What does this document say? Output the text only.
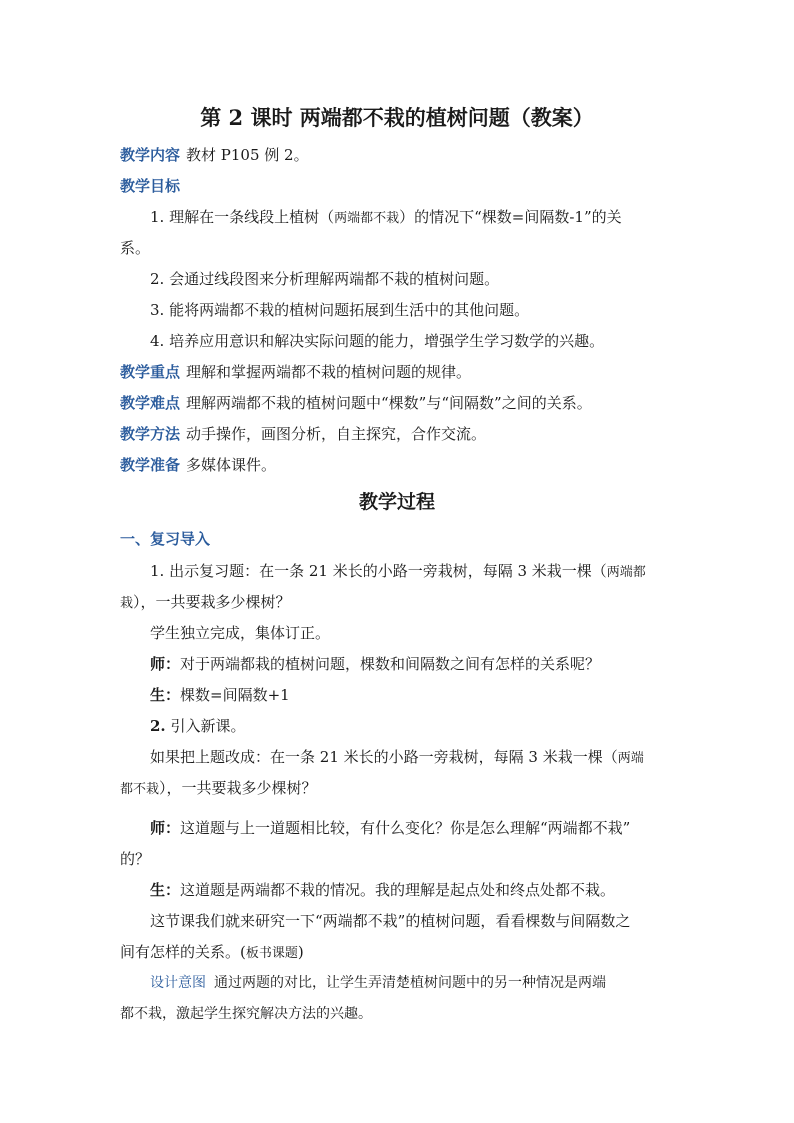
第 2 课时 两端都不栽的植树问题（教案）
教学内容 教材 P105 例 2。
教学目标
1. 理解在一条线段上植树（两端都不栽）的情况下“棵数=间隔数-1”的关
系。
2. 会通过线段图来分析理解两端都不栽的植树问题。
3. 能将两端都不栽的植树问题拓展到生活中的其他问题。
4. 培养应用意识和解决实际问题的能力，增强学生学习数学的兴趣。
教学重点 理解和掌握两端都不栽的植树问题的规律。
教学难点 理解两端都不栽的植树问题中“棵数”与“间隔数”之间的关系。
教学方法 动手操作，画图分析，自主探究，合作交流。
教学准备 多媒体课件。
教学过程
一、复习导入
1. 出示复习题：在一条 21 米长的小路一旁栽树，每隔 3 米栽一棵（两端都
栽），一共要栽多少棵树？
学生独立完成，集体订正。
师：对于两端都栽的植树问题，棵数和间隔数之间有怎样的关系呢？
生：棵数=间隔数+1
2. 引入新课。
如果把上题改成：在一条 21 米长的小路一旁栽树，每隔 3 米栽一棵（两端
都不栽），一共要栽多少棵树？
师：这道题与上一道题相比较，有什么变化？你是怎么理解“两端都不栽”
的？
生：这道题是两端都不栽的情况。我的理解是起点处和终点处都不栽。
这节课我们就来研究一下“两端都不栽”的植树问题，看看棵数与间隔数之
间有怎样的关系。(板书课题)
设计意图 通过两题的对比，让学生弄清楚植树问题中的另一种情况是两端
都不栽，激起学生探究解决方法的兴趣。
